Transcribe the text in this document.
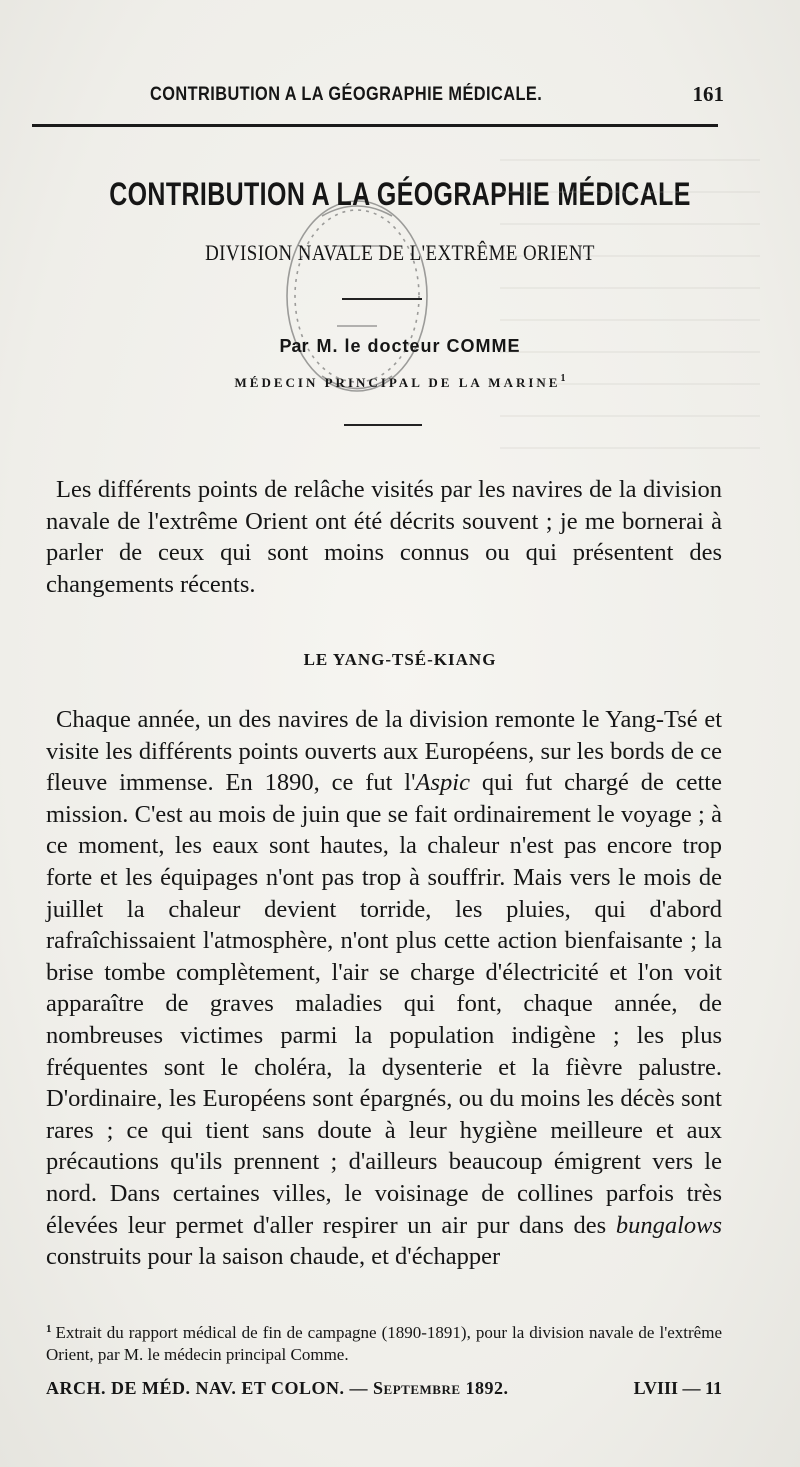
CONTRIBUTION A LA GÉOGRAPHIE MÉDICALE.	161
CONTRIBUTION A LA GÉOGRAPHIE MÉDICALE
DIVISION NAVALE DE L'EXTRÊME ORIENT
Par M. le docteur COMME
MÉDECIN PRINCIPAL DE LA MARINE$^1$

Les différents points de relâche visités par les navires de la division navale de l'extrême Orient ont été décrits souvent ; je me bornerai à parler de ceux qui sont moins connus ou qui présentent des changements récents.

LE YANG-TSÉ-KIANG

Chaque année, un des navires de la division remonte le Yang-Tsé et visite les différents points ouverts aux Européens, sur les bords de ce fleuve immense. En 1890, ce fut l'Aspic qui fut chargé de cette mission. C'est au mois de juin que se fait ordinairement le voyage ; à ce moment, les eaux sont hautes, la chaleur n'est pas encore trop forte et les équipages n'ont pas trop à souffrir. Mais vers le mois de juillet la chaleur devient torride, les pluies, qui d'abord rafraîchissaient l'atmosphère, n'ont plus cette action bienfaisante ; la brise tombe complètement, l'air se charge d'électricité et l'on voit apparaître de graves maladies qui font, chaque année, de nombreuses victimes parmi la population indigène ; les plus fréquentes sont le choléra, la dysenterie et la fièvre palustre. D'ordinaire, les Européens sont épargnés, ou du moins les décès sont rares ; ce qui tient sans doute à leur hygiène meilleure et aux précautions qu'ils prennent ; d'ailleurs beaucoup émigrent vers le nord. Dans certaines villes, le voisinage de collines parfois très élevées leur permet d'aller respirer un air pur dans des bungalows construits pour la saison chaude, et d'échapper

$^1$ Extrait du rapport médical de fin de campagne (1890-1891), pour la division navale de l'extrême Orient, par M. le médecin principal Comme.
ARCH. DE MÉD. NAV. ET COLON. — Septembre 1892.	LVIII — 11
